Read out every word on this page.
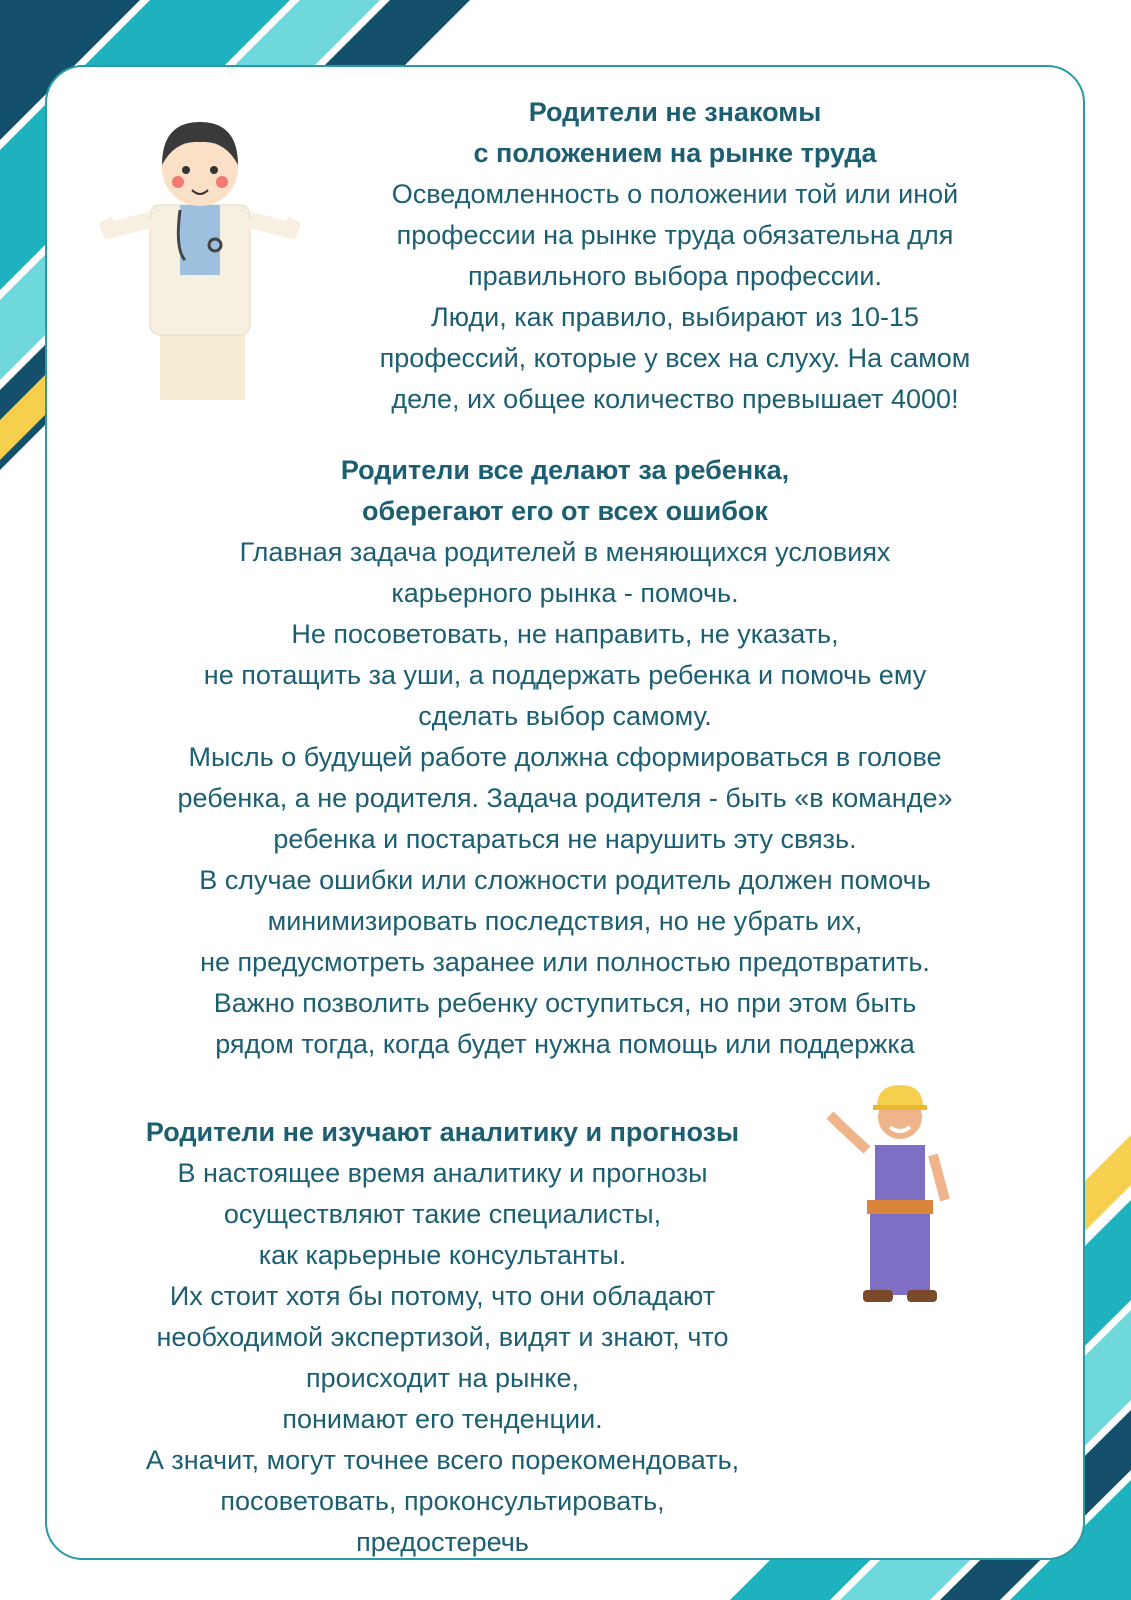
Родители не знакомы
с положением на рынке труда
Осведомленность о положении той или иной
профессии на рынке труда обязательна для
правильного выбора профессии.
Люди, как правило, выбирают из 10-15
профессий, которые у всех на слуху. На самом
деле, их общее количество превышает 4000!
Родители все делают за ребенка,
оберегают его от всех ошибок
Главная задача родителей в меняющихся условиях
карьерного рынка - помочь.
Не посоветовать, не направить, не указать,
не потащить за уши, а поддержать ребенка и помочь ему
сделать выбор самому.
Мысль о будущей работе должна сформироваться в голове
ребенка, а не родителя. Задача родителя - быть «в команде»
ребенка и постараться не нарушить эту связь.
В случае ошибки или сложности родитель должен помочь
минимизировать последствия, но не убрать их,
не предусмотреть заранее или полностью предотвратить.
Важно позволить ребенку оступиться, но при этом быть
рядом тогда, когда будет нужна помощь или поддержка
Родители не изучают аналитику и прогнозы
В настоящее время аналитику и прогнозы
осуществляют такие специалисты,
как карьерные консультанты.
Их стоит хотя бы потому, что они обладают
необходимой экспертизой, видят и знают, что
происходит на рынке,
понимают его тенденции.
А значит, могут точнее всего порекомендовать,
посоветовать, проконсультировать,
предостеречь
